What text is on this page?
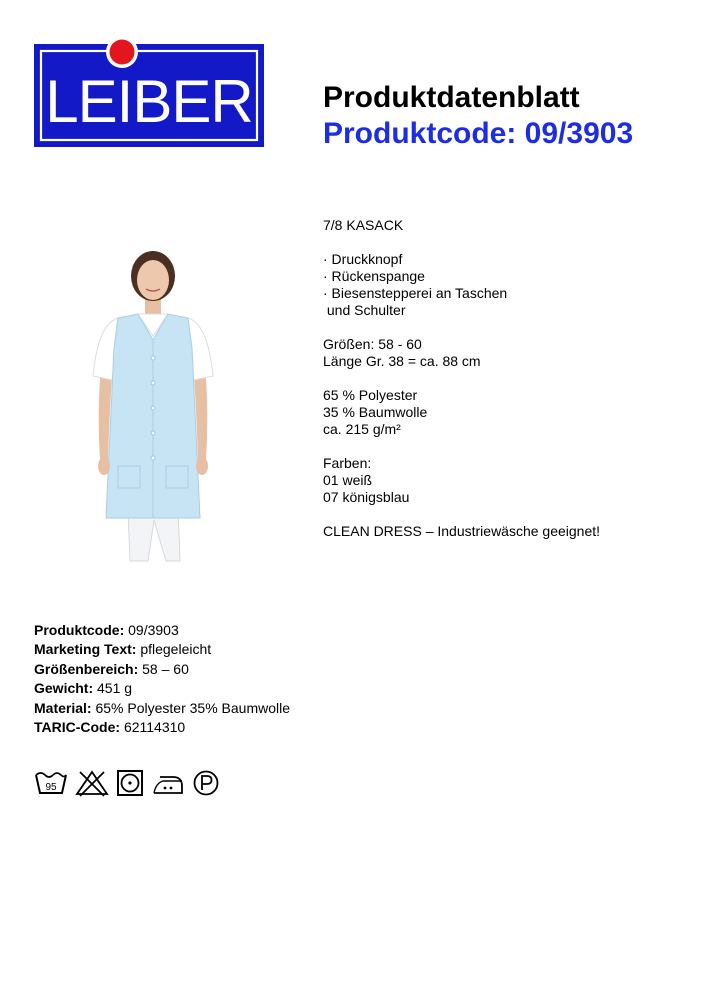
LEIBER Produktdatenblatt
Produktcode: 09/3903
7/8 KASACK
· Druckknopf
· Rückenspange
· Biesenstepperei an Taschen
und Schulter
Größen: 58 - 60
Länge Gr. 38 = ca. 88 cm
65 % Polyester
35 % Baumwolle
ca. 215 g/m²
Farben:
01 weiß
07 königsblau
CLEAN DRESS – Industriewäsche geeignet!
Produktcode: 09/3903
Marketing Text: pflegeleicht
Größenbereich: 58 – 60
Gewicht: 451 g
Material: 65% Polyester 35% Baumwolle
TARIC-Code: 62114310
95
